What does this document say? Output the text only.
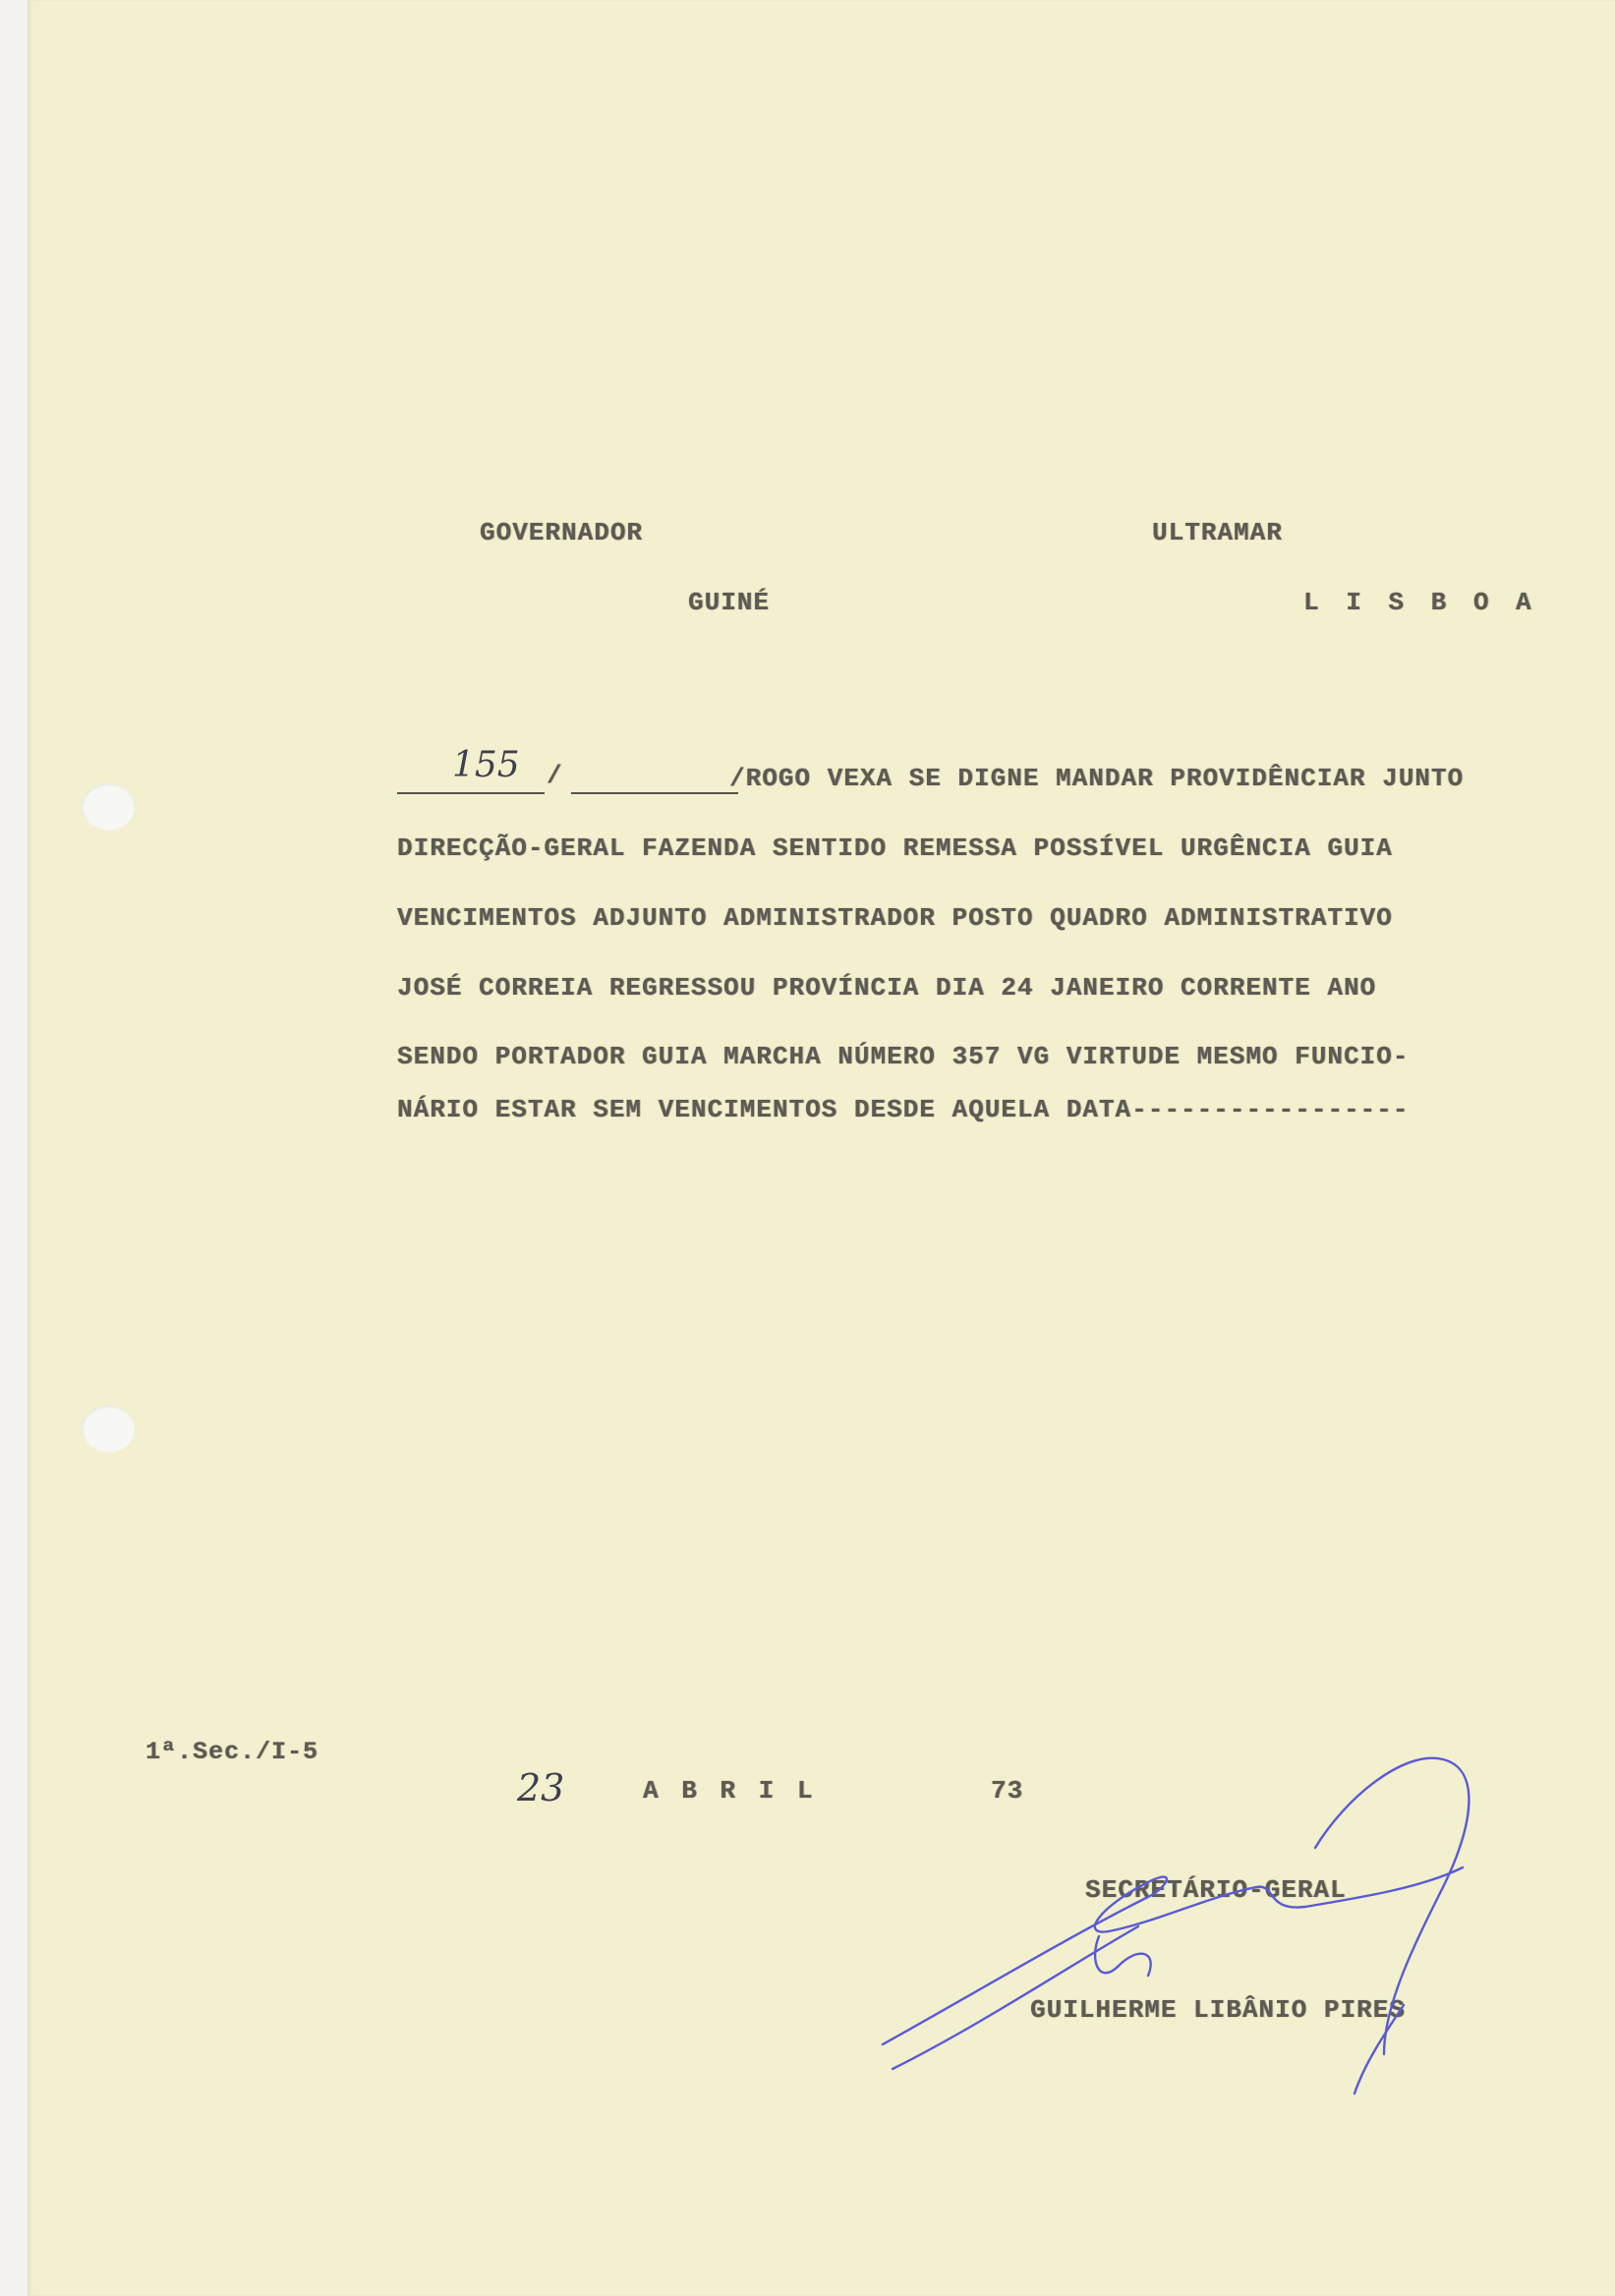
GOVERNADOR
GUINÉ
ULTRAMAR
L I S B O A
155 /	/ROGO VEXA SE DIGNE MANDAR PROVIDÊNCIAR JUNTO
DIRECÇÃO-GERAL FAZENDA SENTIDO REMESSA POSSÍVEL URGÊNCIA GUIA
VENCIMENTOS ADJUNTO ADMINISTRADOR POSTO QUADRO ADMINISTRATIVO
JOSÉ CORREIA REGRESSOU PROVÍNCIA DIA 24 JANEIRO CORRENTE ANO
SENDO PORTADOR GUIA MARCHA NÚMERO 357 VG VIRTUDE MESMO FUNCIO-
NÁRIO ESTAR SEM VENCIMENTOS DESDE AQUELA DATA-----------------
1ª.Sec./I-5
23	A B R I L	73
SECRETÁRIO-GERAL
GUILHERME LIBÂNIO PIRES
